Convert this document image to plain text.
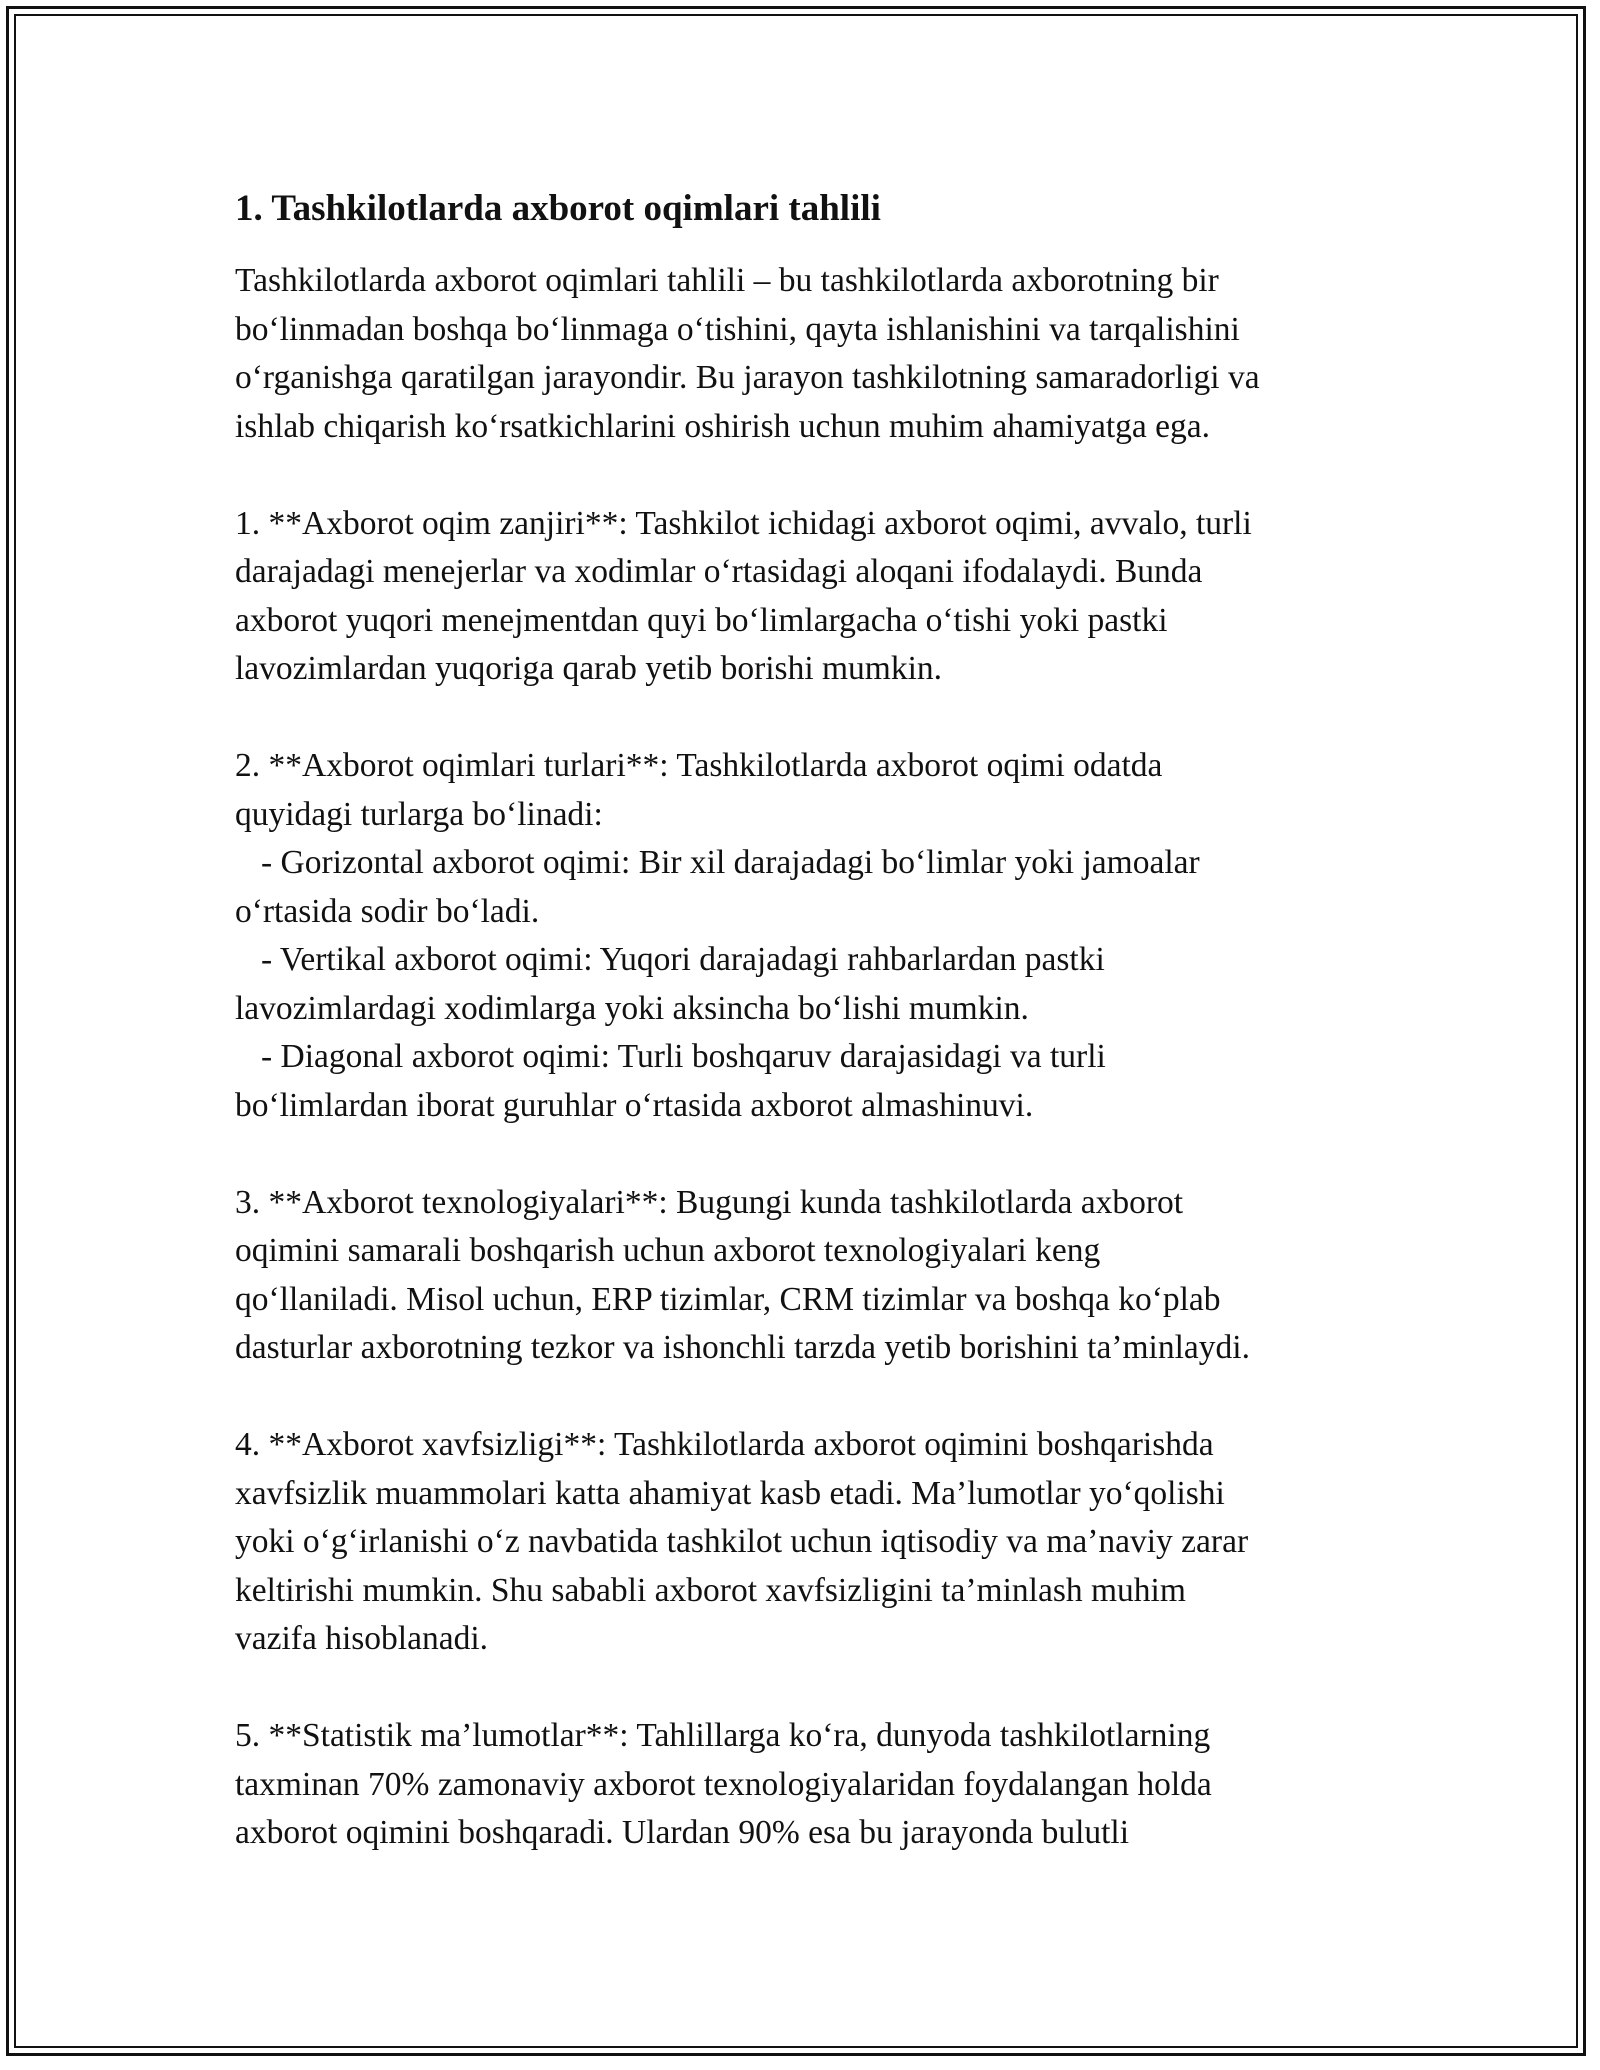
1. Tashkilotlarda axborot oqimlari tahlili
Tashkilotlarda axborot oqimlari tahlili – bu tashkilotlarda axborotning bir
bo‘linmadan boshqa bo‘linmaga o‘tishini, qayta ishlanishini va tarqalishini
o‘rganishga qaratilgan jarayondir. Bu jarayon tashkilotning samaradorligi va
ishlab chiqarish ko‘rsatkichlarini oshirish uchun muhim ahamiyatga ega.
1. **Axborot oqim zanjiri**: Tashkilot ichidagi axborot oqimi, avvalo, turli
darajadagi menejerlar va xodimlar o‘rtasidagi aloqani ifodalaydi. Bunda
axborot yuqori menejmentdan quyi bo‘limlargacha o‘tishi yoki pastki
lavozimlardan yuqoriga qarab yetib borishi mumkin.
2. **Axborot oqimlari turlari**: Tashkilotlarda axborot oqimi odatda
quyidagi turlarga bo‘linadi:
- Gorizontal axborot oqimi: Bir xil darajadagi bo‘limlar yoki jamoalar
o‘rtasida sodir bo‘ladi.
- Vertikal axborot oqimi: Yuqori darajadagi rahbarlardan pastki
lavozimlardagi xodimlarga yoki aksincha bo‘lishi mumkin.
- Diagonal axborot oqimi: Turli boshqaruv darajasidagi va turli
bo‘limlardan iborat guruhlar o‘rtasida axborot almashinuvi.
3. **Axborot texnologiyalari**: Bugungi kunda tashkilotlarda axborot
oqimini samarali boshqarish uchun axborot texnologiyalari keng
qo‘llaniladi. Misol uchun, ERP tizimlar, CRM tizimlar va boshqa ko‘plab
dasturlar axborotning tezkor va ishonchli tarzda yetib borishini ta’minlaydi.
4. **Axborot xavfsizligi**: Tashkilotlarda axborot oqimini boshqarishda
xavfsizlik muammolari katta ahamiyat kasb etadi. Ma’lumotlar yo‘qolishi
yoki o‘g‘irlanishi o‘z navbatida tashkilot uchun iqtisodiy va ma’naviy zarar
keltirishi mumkin. Shu sababli axborot xavfsizligini ta’minlash muhim
vazifa hisoblanadi.
5. **Statistik ma’lumotlar**: Tahlillarga ko‘ra, dunyoda tashkilotlarning
taxminan 70% zamonaviy axborot texnologiyalaridan foydalangan holda
axborot oqimini boshqaradi. Ulardan 90% esa bu jarayonda bulutli
